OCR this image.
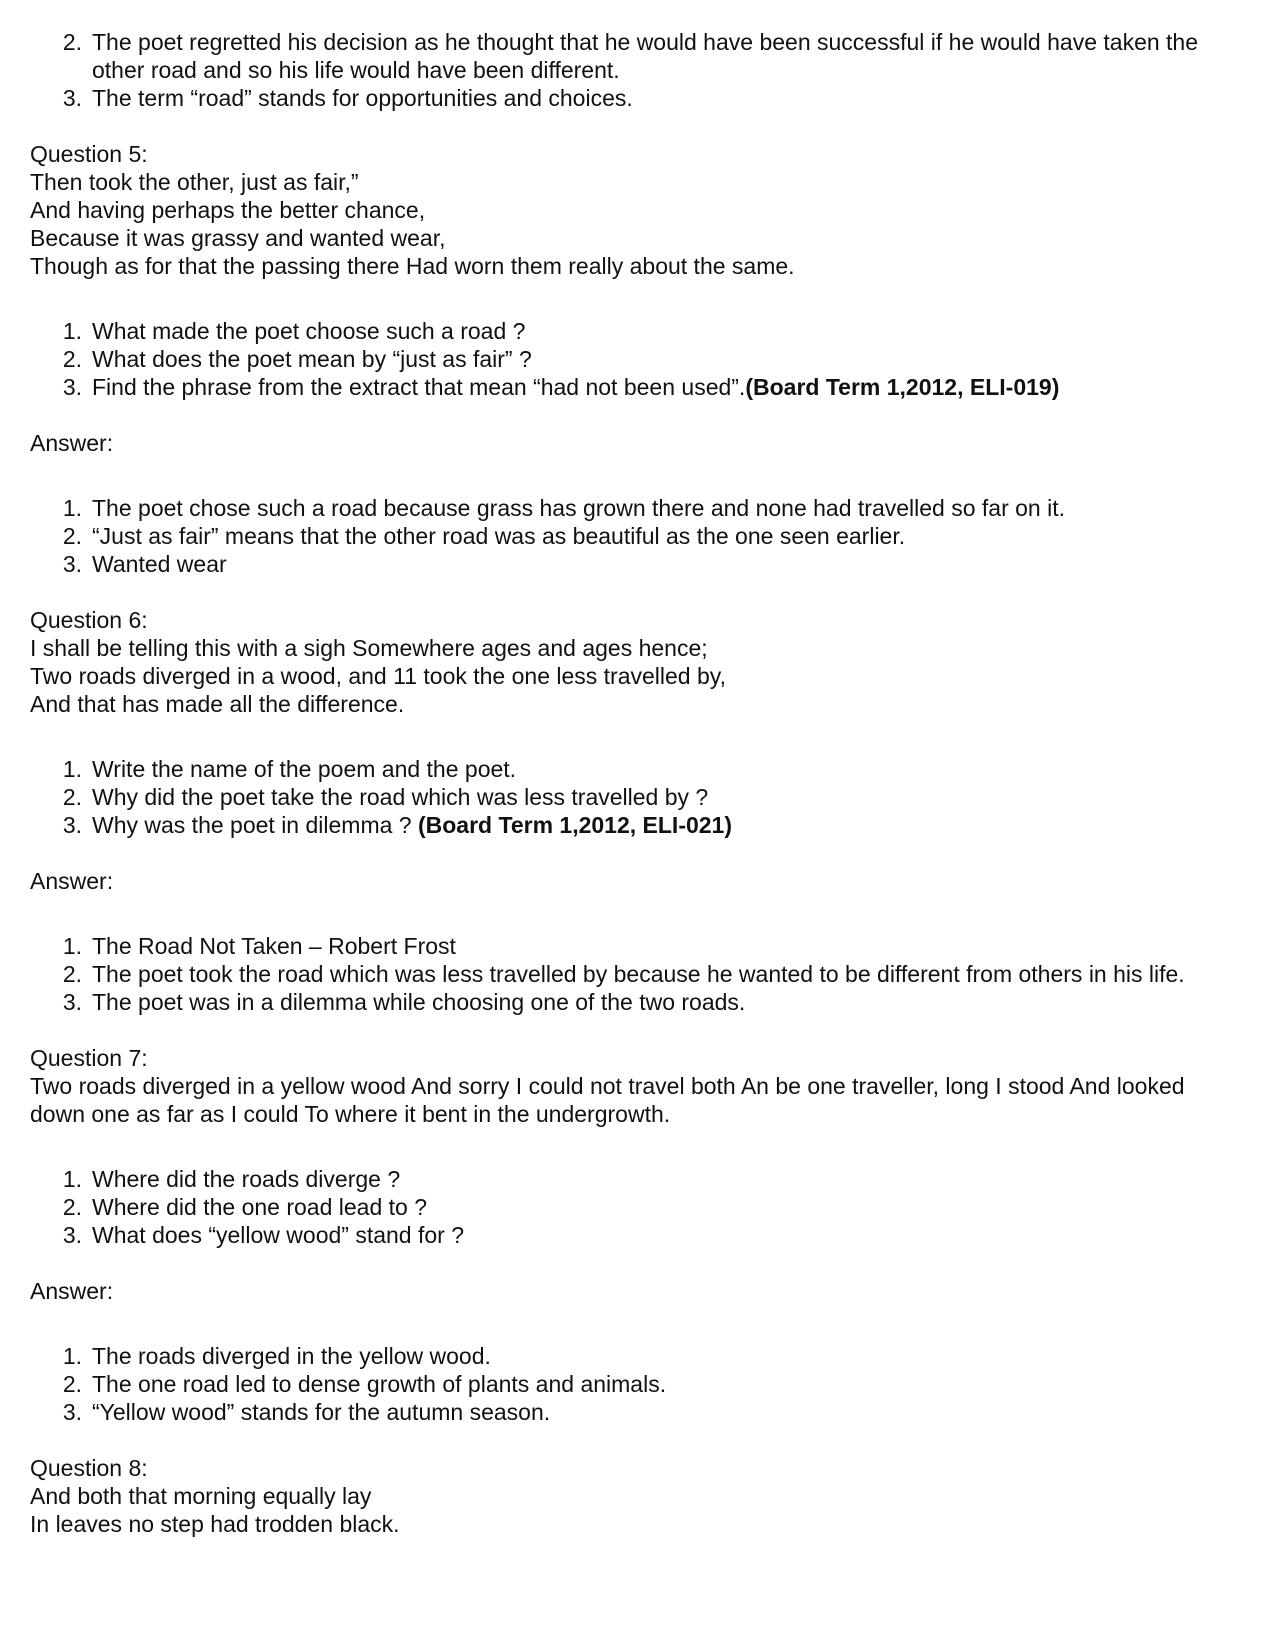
2. The poet regretted his decision as he thought that he would have been successful if he would have taken the other road and so his life would have been different.
3. The term “road” stands for opportunities and choices.

Question 5:

Then took the other, just as fair,”

And having perhaps the better chance,

Because it was grassy and wanted wear,

Though as for that the passing there Had worn them really about the same.

1. What made the poet choose such a road ?
2. What does the poet mean by “just as fair” ?
3. Find the phrase from the extract that mean “had not been used”.(Board Term 1,2012, ELI-019)

Answer:

1. The poet chose such a road because grass has grown there and none had travelled so far on it.
2. “Just as fair” means that the other road was as beautiful as the one seen earlier.
3. Wanted wear

Question 6:

I shall be telling this with a sigh Somewhere ages and ages hence;

Two roads diverged in a wood, and 11 took the one less travelled by,

And that has made all the difference.

1. Write the name of the poem and the poet.
2. Why did the poet take the road which was less travelled by ?
3. Why was the poet in dilemma ? (Board Term 1,2012, ELI-021)

Answer:

1. The Road Not Taken – Robert Frost
2. The poet took the road which was less travelled by because he wanted to be different from others in his life.
3. The poet was in a dilemma while choosing one of the two roads.

Question 7:

Two roads diverged in a yellow wood And sorry I could not travel both An be one traveller, long I stood And looked down one as far as I could To where it bent in the undergrowth.

1. Where did the roads diverge ?
2. Where did the one road lead to ?
3. What does “yellow wood” stand for ?

Answer:

1. The roads diverged in the yellow wood.
2. The one road led to dense growth of plants and animals.
3. “Yellow wood” stands for the autumn season.

Question 8:

And both that morning equally lay

In leaves no step had trodden black.
